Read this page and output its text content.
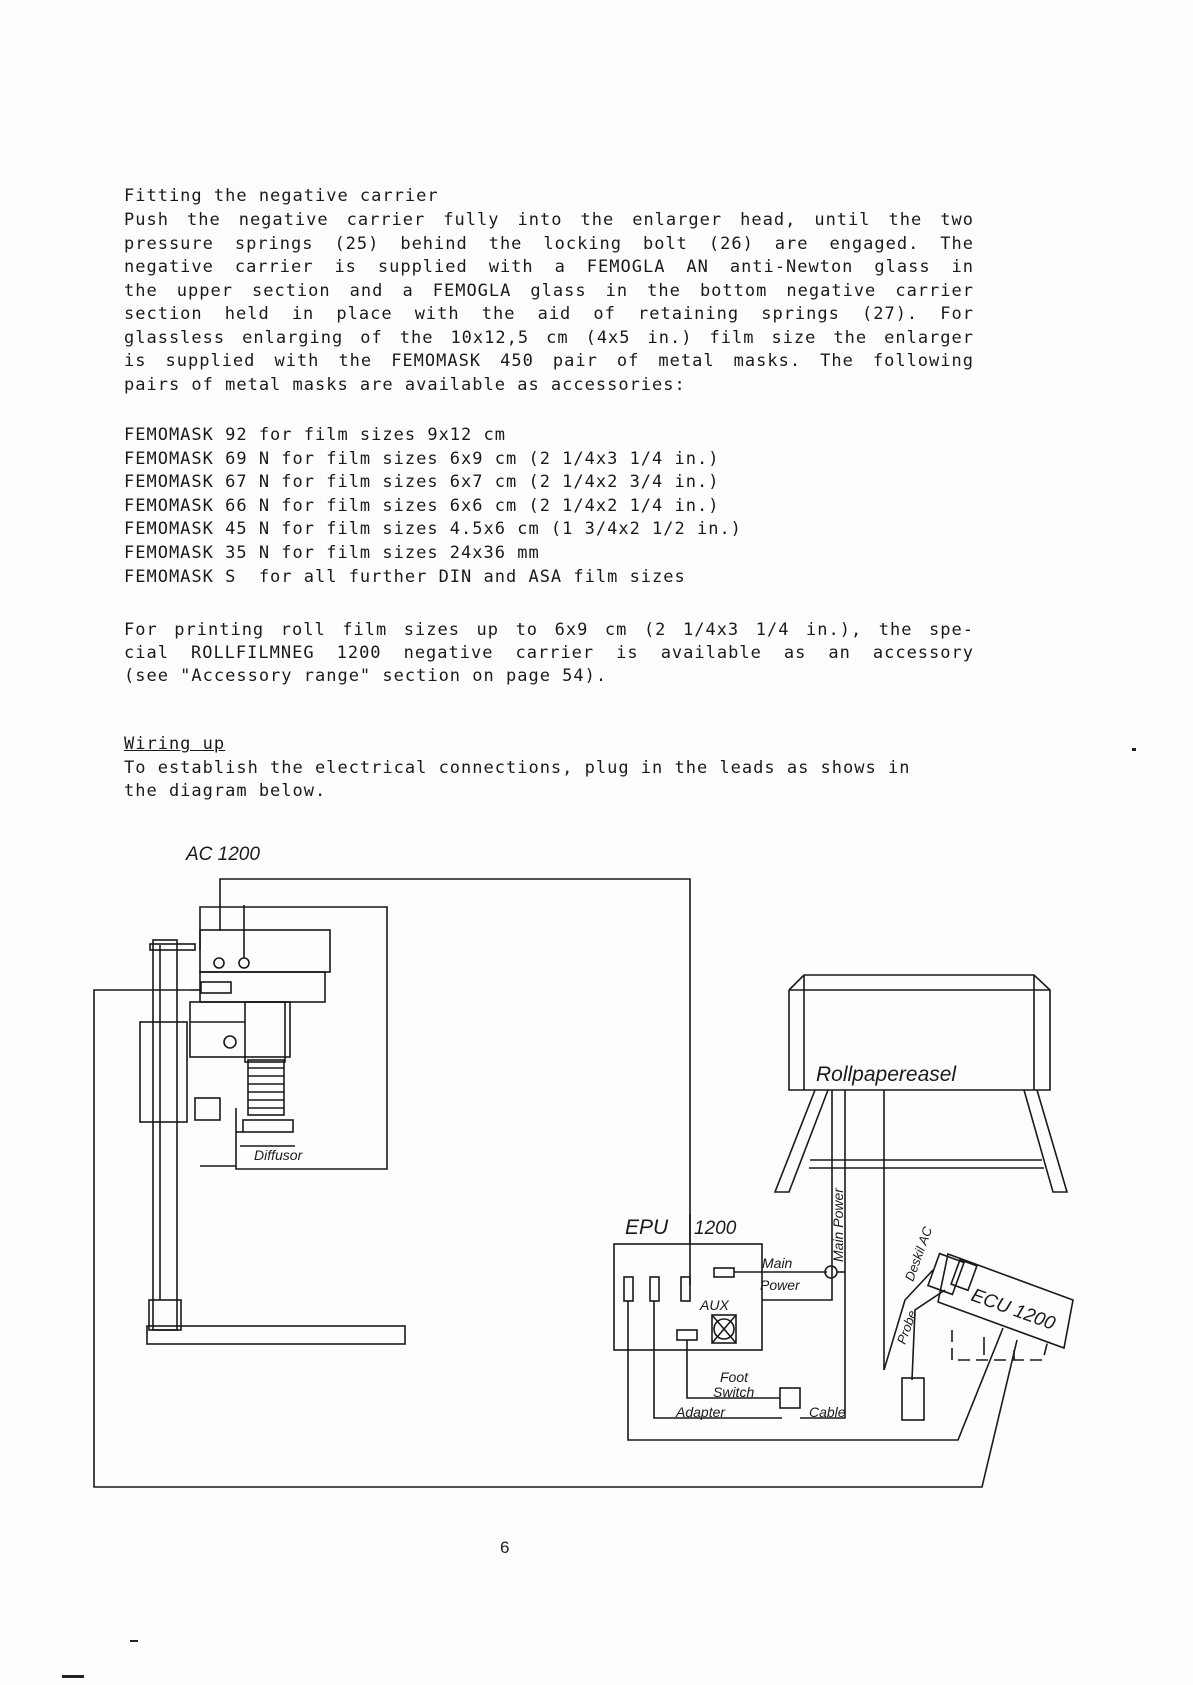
Fitting the negative carrier
Push the negative carrier fully into the enlarger head, until the two
pressure springs (25) behind the locking bolt (26) are engaged. The
negative carrier is supplied with a FEMOGLA AN anti-Newton glass in
the upper section and a FEMOGLA glass in the bottom negative carrier
section held in place with the aid of retaining springs (27). For
glassless enlarging of the 10x12,5 cm (4x5 in.) film size the enlarger
is supplied with the FEMOMASK 450 pair of metal masks. The following
pairs of metal masks are available as accessories:
FEMOMASK 92 for film sizes 9x12 cm
FEMOMASK 69 N for film sizes 6x9 cm (2 1/4x3 1/4 in.)
FEMOMASK 67 N for film sizes 6x7 cm (2 1/4x2 3/4 in.)
FEMOMASK 66 N for film sizes 6x6 cm (2 1/4x2 1/4 in.)
FEMOMASK 45 N for film sizes 4.5x6 cm (1 3/4x2 1/2 in.)
FEMOMASK 35 N for film sizes 24x36 mm
FEMOMASK S  for all further DIN and ASA film sizes
For printing roll film sizes up to 6x9 cm (2 1/4x3 1/4 in.), the spe-
cial ROLLFILMNEG 1200 negative carrier is available as an accessory
(see "Accessory range" section on page 54).
Wiring up
To establish the electrical connections, plug in the leads as shows in
the diagram below.
AC 1200
Diffusor
Rollpapereasel
Main Power
EPU 1200
Main
Power
AUX
Foot
Switch
Adapter	Cable
ECU 1200
Deskil AC
Probe
6
